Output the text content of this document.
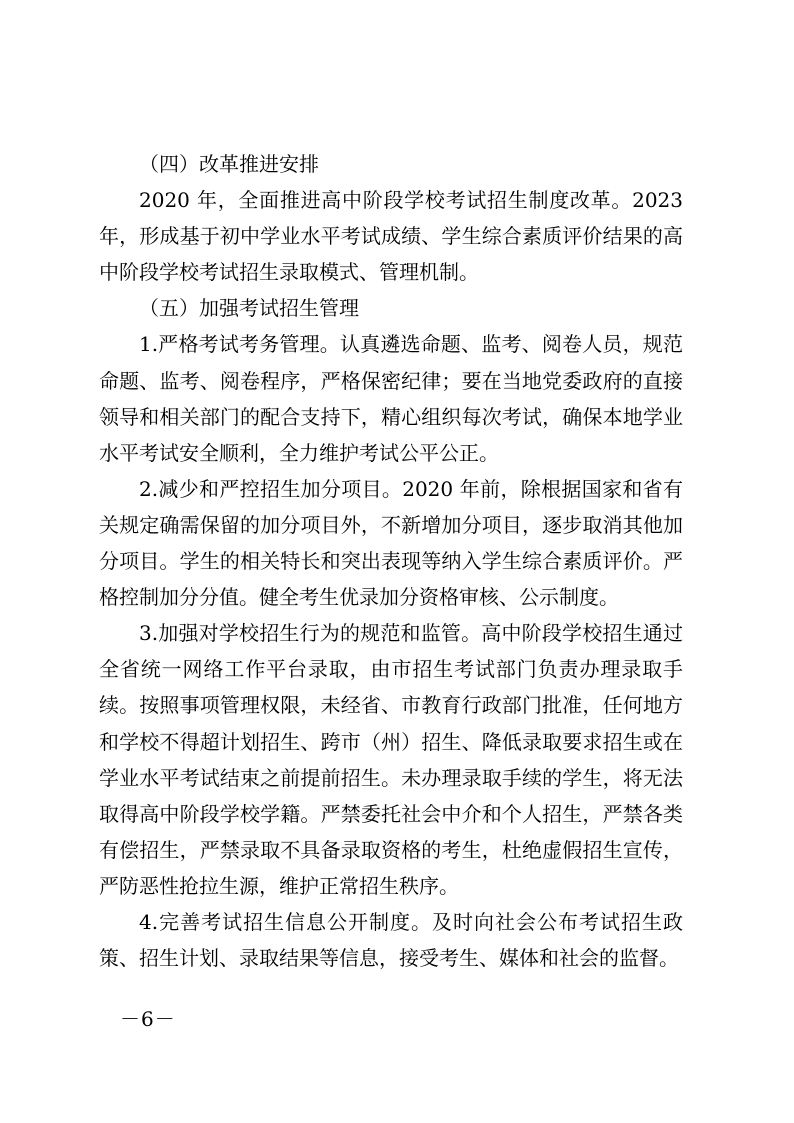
（四）改革推进安排

2020 年，全面推进高中阶段学校考试招生制度改革。2023 年，形成基于初中学业水平考试成绩、学生综合素质评价结果的高中阶段学校考试招生录取模式、管理机制。

（五）加强考试招生管理

1.严格考试考务管理。认真遴选命题、监考、阅卷人员，规范命题、监考、阅卷程序，严格保密纪律；要在当地党委政府的直接领导和相关部门的配合支持下，精心组织每次考试，确保本地学业水平考试安全顺利，全力维护考试公平公正。

2.减少和严控招生加分项目。2020 年前，除根据国家和省有关规定确需保留的加分项目外，不新增加分项目，逐步取消其他加分项目。学生的相关特长和突出表现等纳入学生综合素质评价。严格控制加分分值。健全考生优录加分资格审核、公示制度。

3.加强对学校招生行为的规范和监管。高中阶段学校招生通过全省统一网络工作平台录取，由市招生考试部门负责办理录取手续。按照事项管理权限，未经省、市教育行政部门批准，任何地方和学校不得超计划招生、跨市（州）招生、降低录取要求招生或在学业水平考试结束之前提前招生。未办理录取手续的学生，将无法取得高中阶段学校学籍。严禁委托社会中介和个人招生，严禁各类有偿招生，严禁录取不具备录取资格的考生，杜绝虚假招生宣传，严防恶性抢拉生源，维护正常招生秩序。

4.完善考试招生信息公开制度。及时向社会公布考试招生政策、招生计划、录取结果等信息，接受考生、媒体和社会的监督。

－6－
